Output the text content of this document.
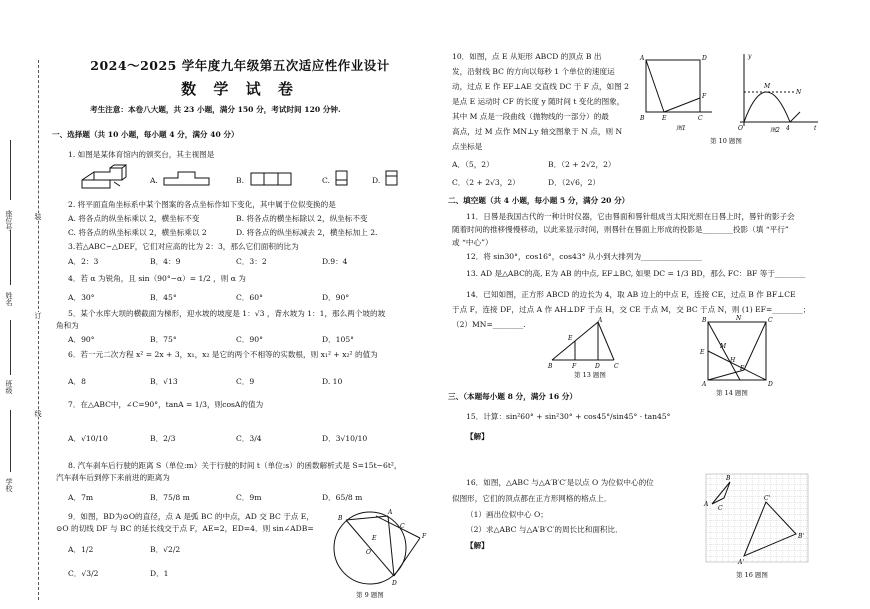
座位号
姓名
班级
学校
装
订
线
2024～2025 学年度九年级第五次适应性作业设计
数 学 试 卷
考生注意：本卷八大题，共 23 小题，满分 150 分，考试时间 120 分钟.
一、选择题（共 10 小题，每小题 4 分，满分 40 分）
1. 如图是某体育馆内的颁奖台，其主视图是
A.	B.	C.	D.
2. 将平面直角坐标系中某个图案的各点坐标作如下变化，其中属于位似变换的是
A. 将各点的纵坐标乘以 2，横坐标不变	B. 将各点的横坐标除以 2，纵坐标不变
C. 将各点的纵坐标乘以 2，横坐标乘以 2	D. 将各点的纵坐标减去 2，横坐标加上 2.
3.若△ABC∽△DEF，它们对应高的比为 2：3，那么它们面积的比为
A．2：3	B．4：9	C．3：2	D.9：4
4．若 α 为锐角，且 sin（90°−α）= 1/2 ，则 α 为
A．30°	B．45°	C．60°	D．90°
5．某个水库大坝的横截面为梯形，迎水坡的坡度是 1：√3 ，背水坡为 1：1，那么两个坡的坡
角和为
A．90°	B．75°	C．90°	D．105°
6．若一元二次方程 x² = 2x + 3，x₁，x₂ 是它的两个不相等的实数根，则 x₁² + x₂² 的值为
A．8	B．√13	C．9	D. 10
7．在△ABC中，∠C=90°，tanA = 1/3，则cosA的值为
A．√10/10	B．2/3	C．3/4	D．3√10/10
8. 汽车刹车后行驶的距离 S（单位:m）关于行驶的时间 t（单位:s）的函数解析式是 S=15t−6t²，
汽车刹车后到停下来前进的距离为
A．7m	B．75/8 m	C．9m	D．65/8 m
9．如图，BD为⊙O的直径，点 A 是弧 BC 的中点，AD 交 BC 于点 E，
⊙O 的切线 DF 与 BC 的延长线交于点 F，AE=2，ED=4．则 sin∠ADB=
A．1/2	B．√2/2
C．√3/2	D．1
B
A
F
D
O
E
C
第 9 题图
10．如图，点 E 从矩形 ABCD 的顶点 B 出
发，沿射线 BC 的方向以每秒 1 个单位的速度运
动，过点 E 作 EF⊥AE 交直线 DC 于 F 点，如图 2
是点 E 运动时 CF 的长度 y 随时间 t 变化的图象，
其中 M 点是一段曲线（抛物线的一部分）的最
高点，过 M 点作 MN⊥y 轴交图象于 N 点，则 N
点坐标是
A	D
F
B	E	C
图1
y
t
O
M
N
4
图2
第 10 题图
A．（5，2）	B．（2 + 2√2，2）
C．（2 + 2√3，2）	D．（2√6，2）
二、填空题（共 4 小题，每小题 5 分，满分 20 分）
11．日晷是我国古代的一种计时仪器，它由晷面和晷针组成当太阳光照在日晷上时，晷针的影子会
随着时间的推移慢慢移动，以此来显示时间，则晷针在晷面上形成的投影是________投影（填 “平行”
或 “中心”）
12．将 sin30°，cos16°，cos43° 从小到大排列为________________
13. AD 是△ABC的高, E为 AB 的中点, EF⊥BC, 如果 DC = 1/3 BD，那么 FC：BF 等于________
14．已知如图，正方形 ABCD 的边长为 4，取 AB 边上的中点 E，连接 CE，过点 B 作 BF⊥CE
于点 F，连接 DF，过点 A 作 AH⊥DF 于点 H，交 CE 于点 M，交 BC 于点 N，则 (1) EF=________；
（2）MN=________.
B	F	D C
A
E
第 13 题图
B	C
E
A	D
H
M
N
F
第 14 题图
三、（本题每小题 8 分，满分 16 分）
15．计算：sin²60° + sin²30° + cos45°/sin45° · tan45°
【解】
16．如图，△ABC 与△A′B′C′是以点 O 为位似中心的位
似图形，它们的顶点都在正方形网格的格点上．
（1）画出位似中心 O；
（2）求△ABC 与△A′B′C′的周长比和面积比．
【解】
B
A
C
C'
A'
B'
第 16 题图
